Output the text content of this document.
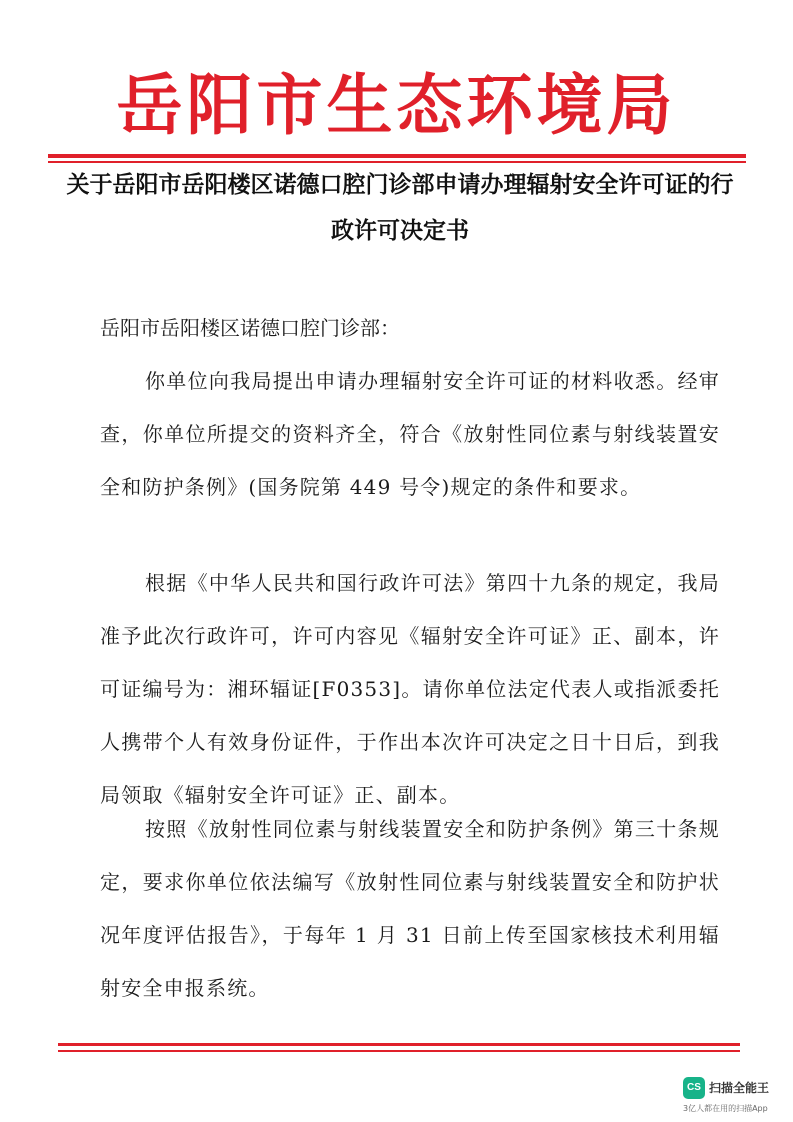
岳阳市生态环境局
关于岳阳市岳阳楼区诺德口腔门诊部申请办理辐射安全许可证的行政许可决定书

岳阳市岳阳楼区诺德口腔门诊部：

你单位向我局提出申请办理辐射安全许可证的材料收悉。经审查，你单位所提交的资料齐全，符合《放射性同位素与射线装置安全和防护条例》(国务院第 449 号令)规定的条件和要求。

根据《中华人民共和国行政许可法》第四十九条的规定，我局准予此次行政许可，许可内容见《辐射安全许可证》正、副本，许可证编号为：湘环辐证[F0353]。请你单位法定代表人或指派委托人携带个人有效身份证件，于作出本次许可决定之日十日后，到我局领取《辐射安全许可证》正、副本。

按照《放射性同位素与射线装置安全和防护条例》第三十条规定，要求你单位依法编写《放射性同位素与射线装置安全和防护状况年度评估报告》，于每年 1 月 31 日前上传至国家核技术利用辐射安全申报系统。

CS 扫描全能王
3亿人都在用的扫描App
